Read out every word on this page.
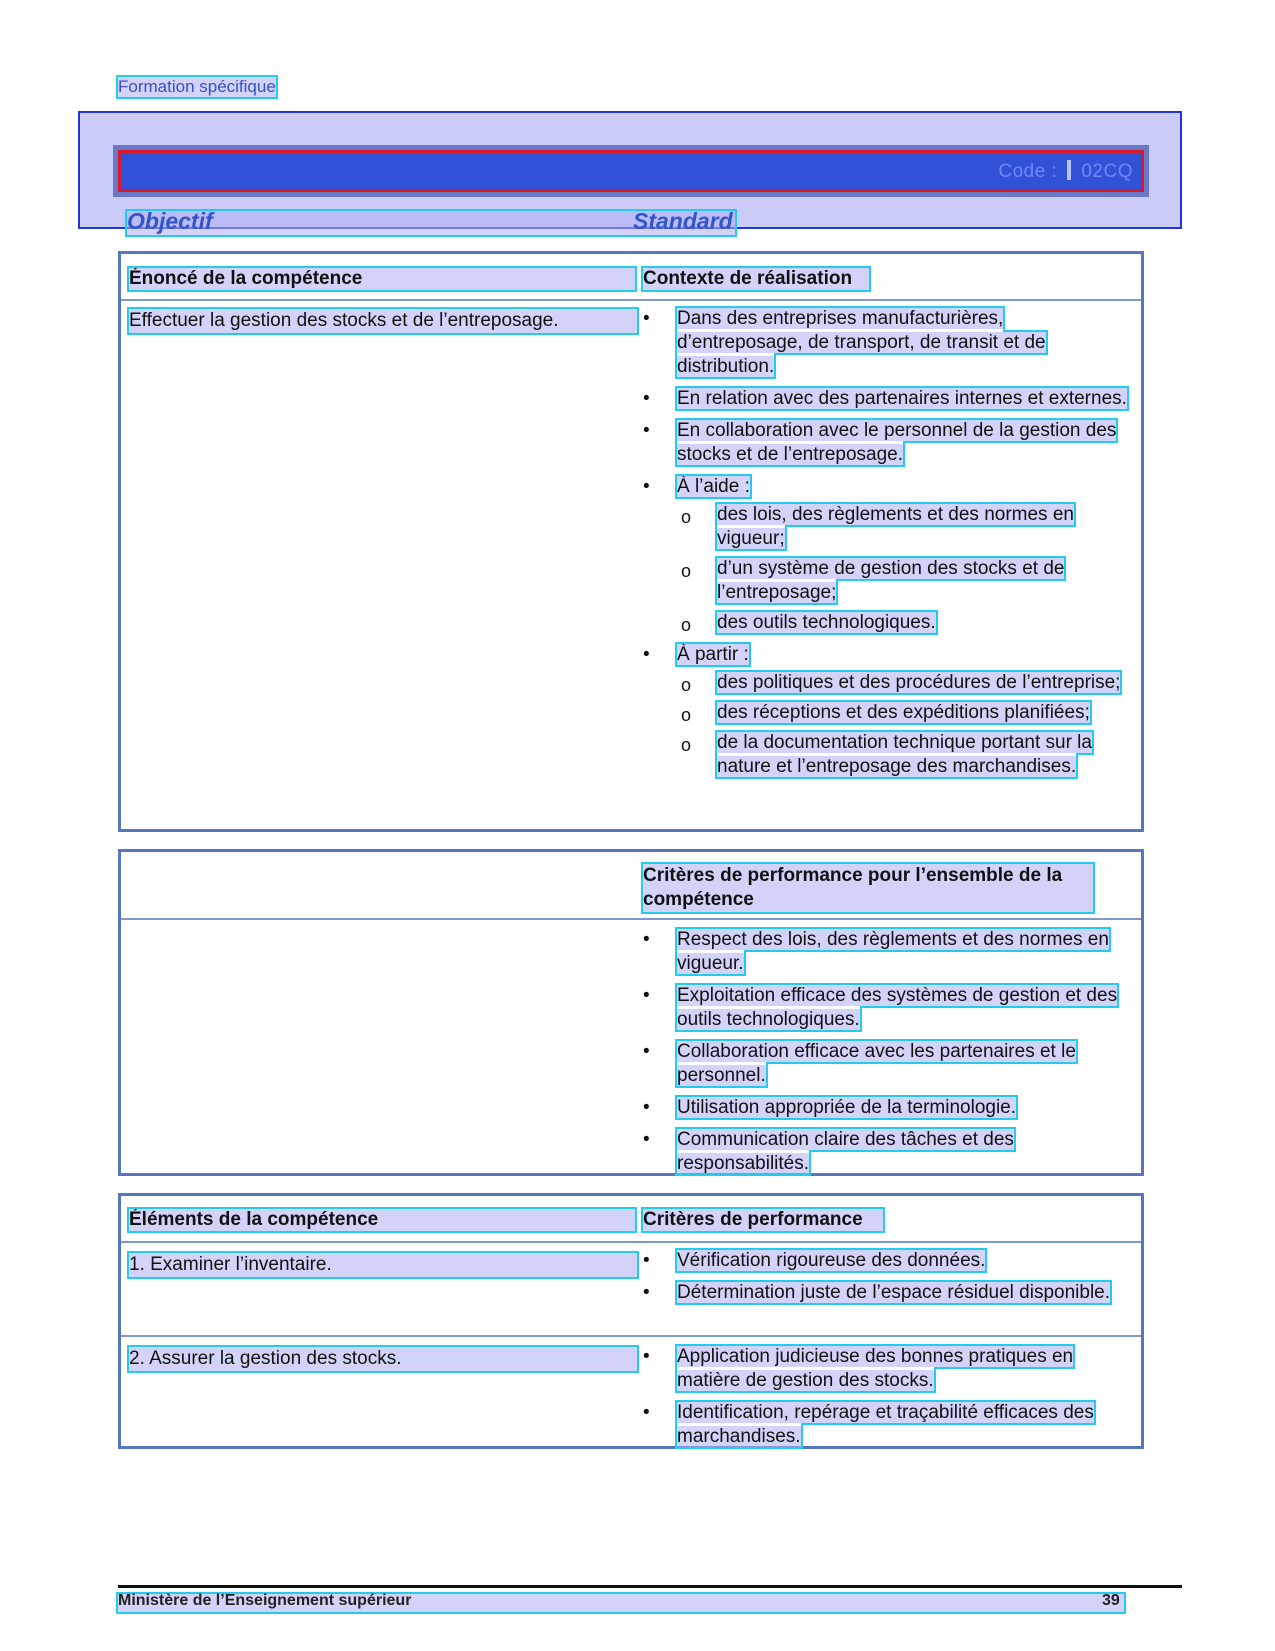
Formation spécifique
Code : 02CQ
Objectif	Standard
Énoncé de la compétence	Contexte de réalisation
Effectuer la gestion des stocks et de l’entreposage.	• Dans des entreprises manufacturières, d’entreposage, de transport, de transit et de distribution.
• En relation avec des partenaires internes et externes.
• En collaboration avec le personnel de la gestion des stocks et de l’entreposage.
• À l’aide :
o des lois, des règlements et des normes en vigueur;
o d’un système de gestion des stocks et de l’entreposage;
o des outils technologiques.
• À partir :
o des politiques et des procédures de l’entreprise;
o des réceptions et des expéditions planifiées;
o de la documentation technique portant sur la nature et l’entreposage des marchandises.
Critères de performance pour l’ensemble de la compétence
• Respect des lois, des règlements et des normes en vigueur.
• Exploitation efficace des systèmes de gestion et des outils technologiques.
• Collaboration efficace avec les partenaires et le personnel.
• Utilisation appropriée de la terminologie.
• Communication claire des tâches et des responsabilités.
Éléments de la compétence	Critères de performance
1. Examiner l’inventaire.	• Vérification rigoureuse des données.
• Détermination juste de l’espace résiduel disponible.
2. Assurer la gestion des stocks.	• Application judicieuse des bonnes pratiques en matière de gestion des stocks.
• Identification, repérage et traçabilité efficaces des marchandises.
Ministère de l’Enseignement supérieur	39
